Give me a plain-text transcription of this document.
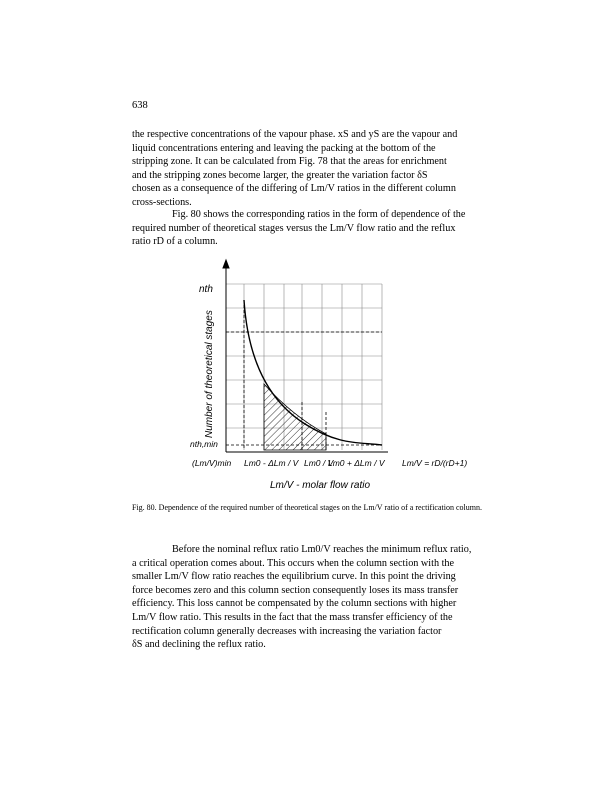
638

the respective concentrations of the vapour phase. xS and yS are the vapour and
liquid concentrations entering and leaving the packing at the bottom of the
stripping zone. It can be calculated from Fig. 78 that the areas for enrichment
and the stripping zones become larger, the greater the variation factor δS
chosen as a consequence of the differing of Lm/V ratios in the different column
cross-sections.

Fig. 80 shows the corresponding ratios in the form of dependence of the
required number of theoretical stages versus the Lm/V flow ratio and the reflux
ratio rD of a column.

nth
nth,min
Number of theoretical stages
(Lm/V)min Lm0 - ΔLm / V Lm0 / V
Lm0 + ΔLm / V Lm/V = rD/(rD+1)
Lm/V - molar flow ratio

Fig. 80. Dependence of the required number of theoretical stages on the Lm/V ratio of a rectification column.

Before the nominal reflux ratio Lm0/V reaches the minimum reflux ratio,
a critical operation comes about. This occurs when the column section with the
smaller Lm/V flow ratio reaches the equilibrium curve. In this point the driving
force becomes zero and this column section consequently loses its mass transfer
efficiency. This loss cannot be compensated by the column sections with higher
Lm/V flow ratio. This results in the fact that the mass transfer efficiency of the
rectification column generally decreases with increasing the variation factor
δS and declining the reflux ratio.
